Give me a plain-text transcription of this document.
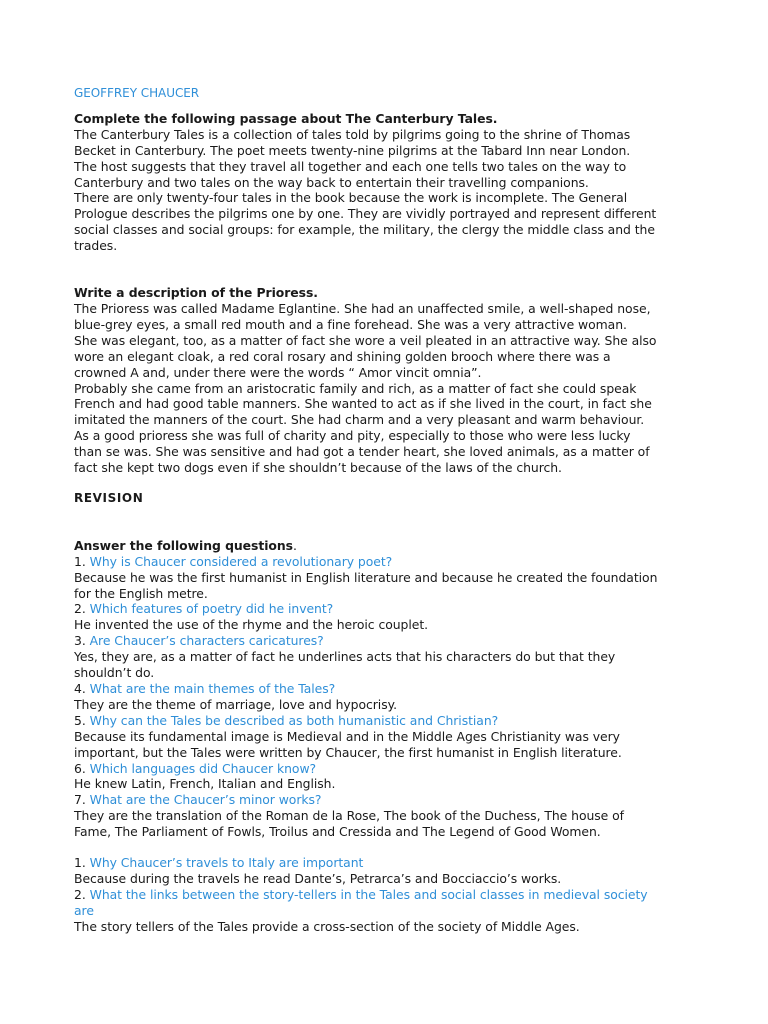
GEOFFREY CHAUCER

Complete the following passage about The Canterbury Tales.

The Canterbury Tales is a collection of tales told by pilgrims going to the shrine of Thomas

Becket in Canterbury. The poet meets twenty-nine pilgrims at the Tabard Inn near London.

The host suggests that they travel all together and each one tells two tales on the way to

Canterbury and two tales on the way back to entertain their travelling companions.

There are only twenty-four tales in the book because the work is incomplete. The General

Prologue describes the pilgrims one by one. They are vividly portrayed and represent different

social classes and social groups: for example, the military, the clergy the middle class and the

trades.

Write a description of the Prioress.

The Prioress was called Madame Eglantine. She had an unaffected smile, a well-shaped nose,

blue-grey eyes, a small red mouth and a fine forehead. She was a very attractive woman.

She was elegant, too, as a matter of fact she wore a veil pleated in an attractive way. She also

wore an elegant cloak, a red coral rosary and shining golden brooch where there was a

crowned A and, under there were the words “ Amor vincit omnia”.

Probably she came from an aristocratic family and rich, as a matter of fact she could speak

French and had good table manners. She wanted to act as if she lived in the court, in fact she

imitated the manners of the court. She had charm and a very pleasant and warm behaviour.

As a good prioress she was full of charity and pity, especially to those who were less lucky

than se was. She was sensitive and had got a tender heart, she loved animals, as a matter of

fact she kept two dogs even if she shouldn’t because of the laws of the church.

REVISION

Answer the following questions.

1. Why is Chaucer considered a revolutionary poet?

Because he was the first humanist in English literature and because he created the foundation

for the English metre.

2. Which features of poetry did he invent?

He invented the use of the rhyme and the heroic couplet.

3. Are Chaucer’s characters caricatures?

Yes, they are, as a matter of fact he underlines acts that his characters do but that they

shouldn’t do.

4. What are the main themes of the Tales?

They are the theme of marriage, love and hypocrisy.

5. Why can the Tales be described as both humanistic and Christian?

Because its fundamental image is Medieval and in the Middle Ages Christianity was very

important, but the Tales were written by Chaucer, the first humanist in English literature.

6. Which languages did Chaucer know?

He knew Latin, French, Italian and English.

7. What are the Chaucer’s minor works?

They are the translation of the Roman de la Rose, The book of the Duchess, The house of

Fame, The Parliament of Fowls, Troilus and Cressida and The Legend of Good Women.

1. Why Chaucer’s travels to Italy are important

Because during the travels he read Dante’s, Petrarca’s and Bocciaccio’s works.

2. What the links between the story-tellers in the Tales and social classes in medieval society

are

The story tellers of the Tales provide a cross-section of the society of Middle Ages.
